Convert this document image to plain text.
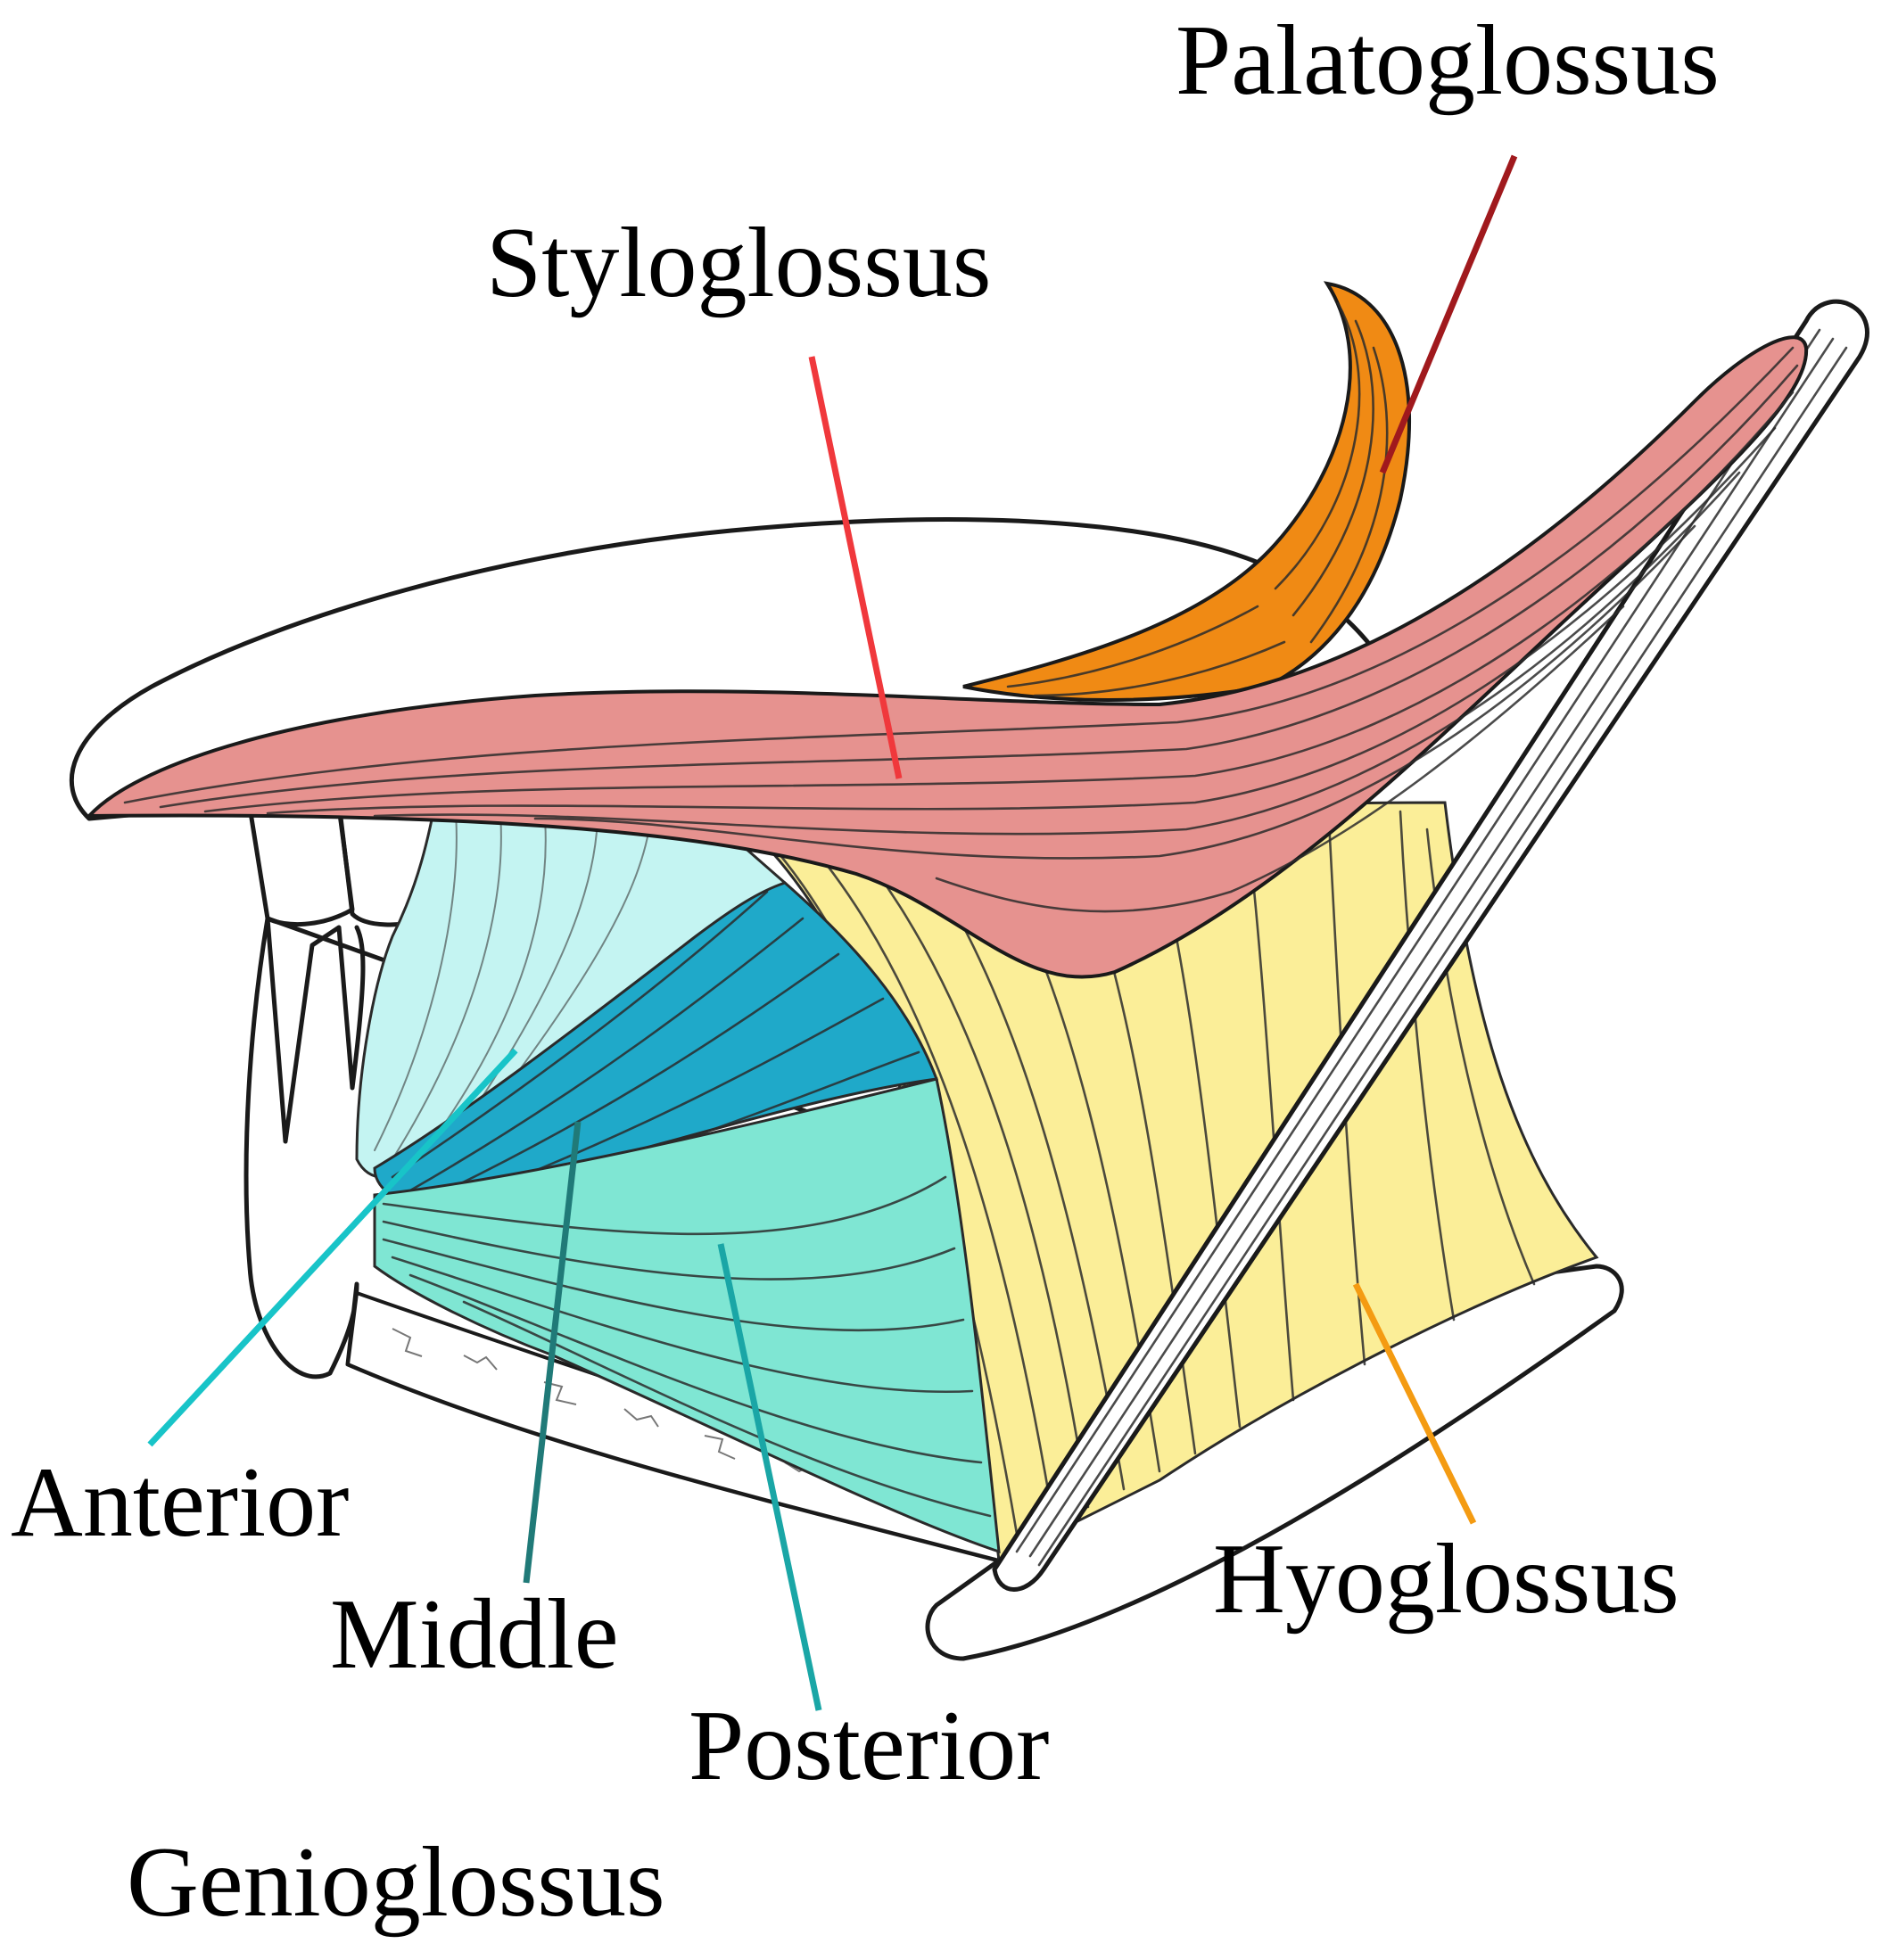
Palatoglossus
Styloglossus
Anterior
Middle
Posterior
Genioglossus
Hyoglossus
